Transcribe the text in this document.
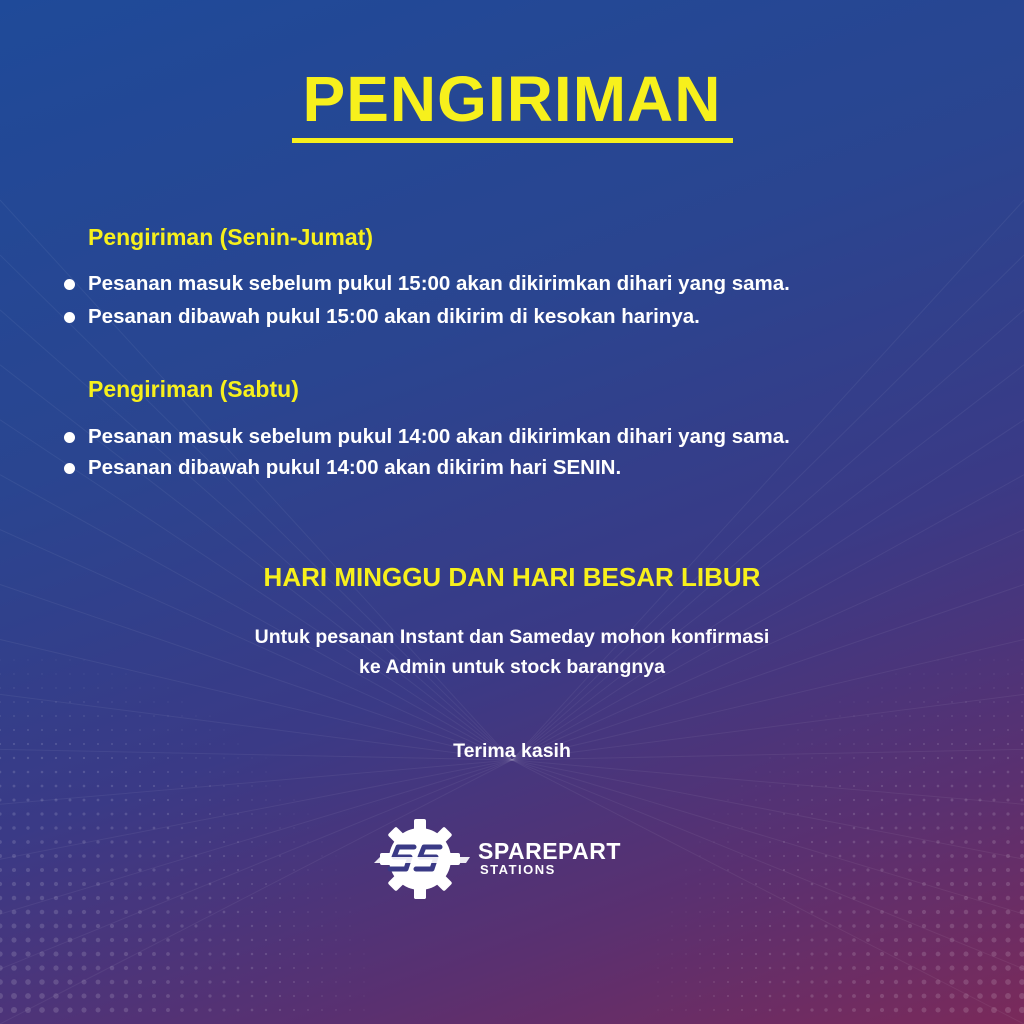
PENGIRIMAN
Pengiriman (Senin-Jumat)
Pesanan masuk sebelum pukul 15:00 akan dikirimkan dihari yang sama.
Pesanan dibawah pukul 15:00 akan dikirim di kesokan harinya.
Pengiriman (Sabtu)
Pesanan masuk sebelum pukul 14:00 akan dikirimkan dihari yang sama.
Pesanan dibawah pukul 14:00 akan dikirim hari SENIN.
HARI MINGGU DAN HARI BESAR LIBUR
Untuk pesanan Instant dan Sameday mohon konfirmasi
ke Admin untuk stock barangnya
Terima kasih
SPAREPART
STATIONS
